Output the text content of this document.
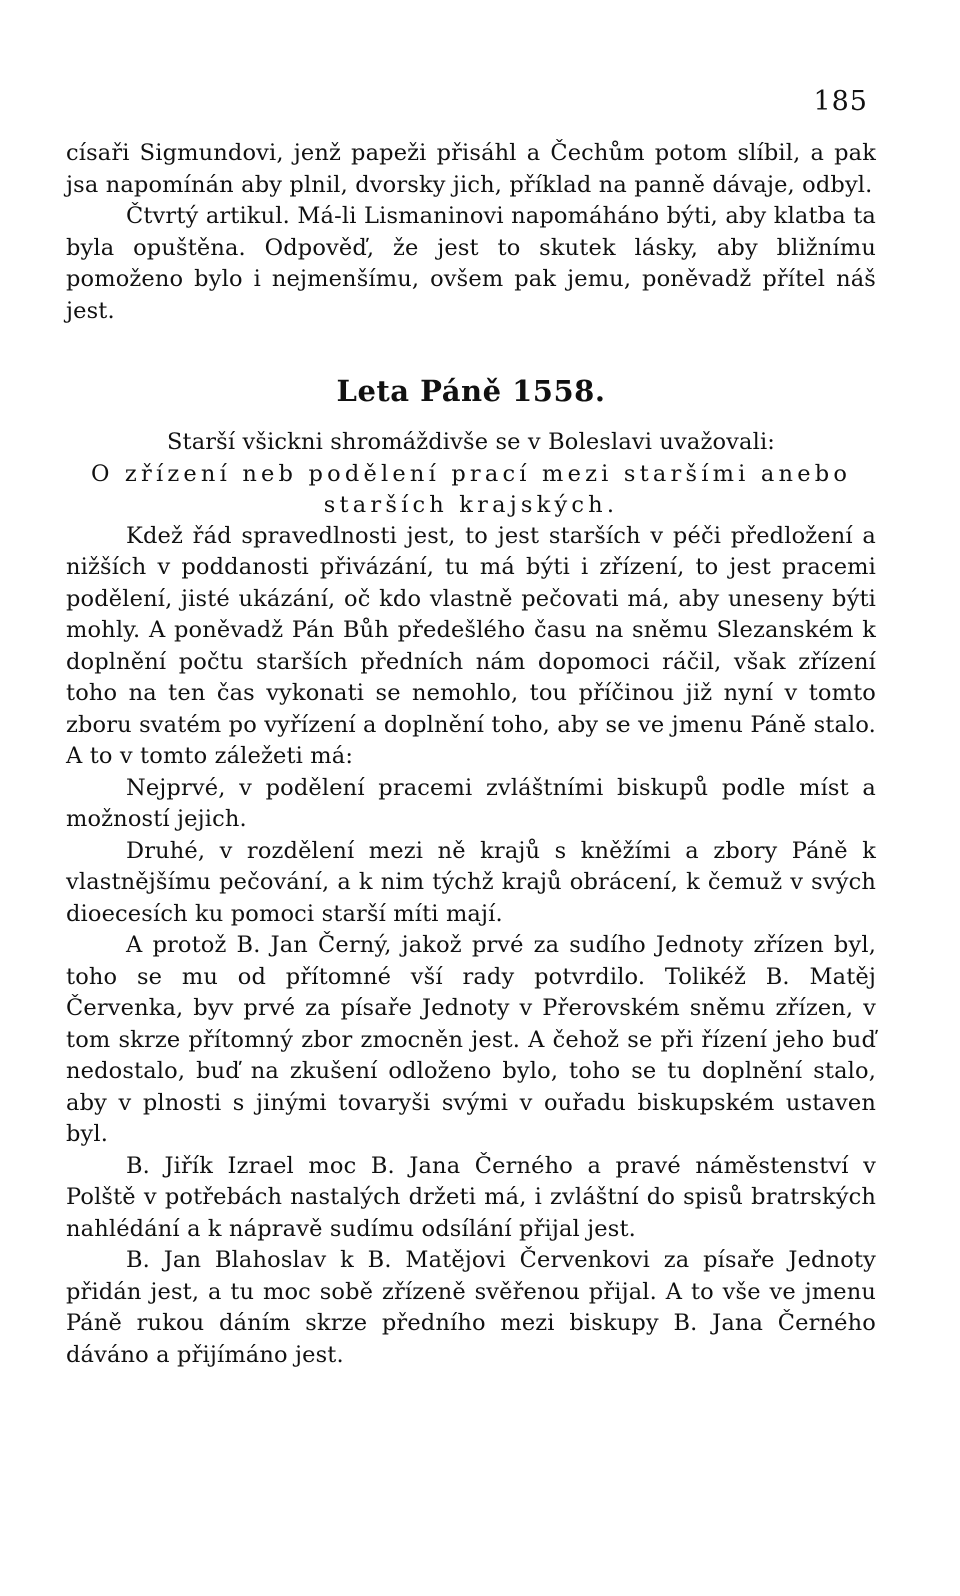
185

císaři Sigmundovi, jenž papeži přisáhl a Čechům potom slíbil, a pak jsa napomínán aby plnil, dvorsky jich, příklad na panně dávaje, odbyl.

Čtvrtý artikul. Má-li Lismaninovi napomáháno býti, aby klatba ta byla opuštěna. Odpověď, že jest to skutek lásky, aby bližnímu pomoženo bylo i nejmenšímu, ovšem pak jemu, poněvadž přítel náš jest.

Leta Páně 1558.

Starší všickni shromáždivše se v Boleslavi uvažovali:

O zřízení neb podělení prací mezi staršími anebo starších krajských.

Kdež řád spravedlnosti jest, to jest starších v péči předložení a nižších v poddanosti přivázání, tu má býti i zřízení, to jest pracemi podělení, jisté ukázání, oč kdo vlastně pečovati má, aby uneseny býti mohly. A poněvadž Pán Bůh předešlého času na sněmu Slezanském k doplnění počtu starších předních nám dopomoci ráčil, však zřízení toho na ten čas vykonati se nemohlo, tou příčinou již nyní v tomto zboru svatém po vyřízení a doplnění toho, aby se ve jmenu Páně stalo. A to v tomto záležeti má:

Nejprvé, v podělení pracemi zvláštními biskupů podle míst a možností jejich.

Druhé, v rozdělení mezi ně krajů s kněžími a zbory Páně k vlastnějšímu pečování, a k nim týchž krajů obrácení, k čemuž v svých dioecesích ku pomoci starší míti mají.

A protož B. Jan Černý, jakož prvé za sudího Jednoty zřízen byl, toho se mu od přítomné vší rady potvrdilo. Tolikéž B. Matěj Červenka, byv prvé za písaře Jednoty v Přerovském sněmu zřízen, v tom skrze přítomný zbor zmocněn jest. A čehož se při řízení jeho buď nedostalo, buď na zkušení odloženo bylo, toho se tu doplnění stalo, aby v plnosti s jinými tovaryši svými v ouřadu biskupském ustaven byl.

B. Jiřík Izrael moc B. Jana Černého a pravé náměstenství v Polště v potřebách nastalých držeti má, i zvláštní do spisů bratrských nahlédání a k nápravě sudímu odsílání přijal jest.

B. Jan Blahoslav k B. Matějovi Červenkovi za písaře Jednoty přidán jest, a tu moc sobě zřízeně svěřenou přijal. A to vše ve jmenu Páně rukou dáním skrze předního mezi biskupy B. Jana Černého dáváno a přijímáno jest.
